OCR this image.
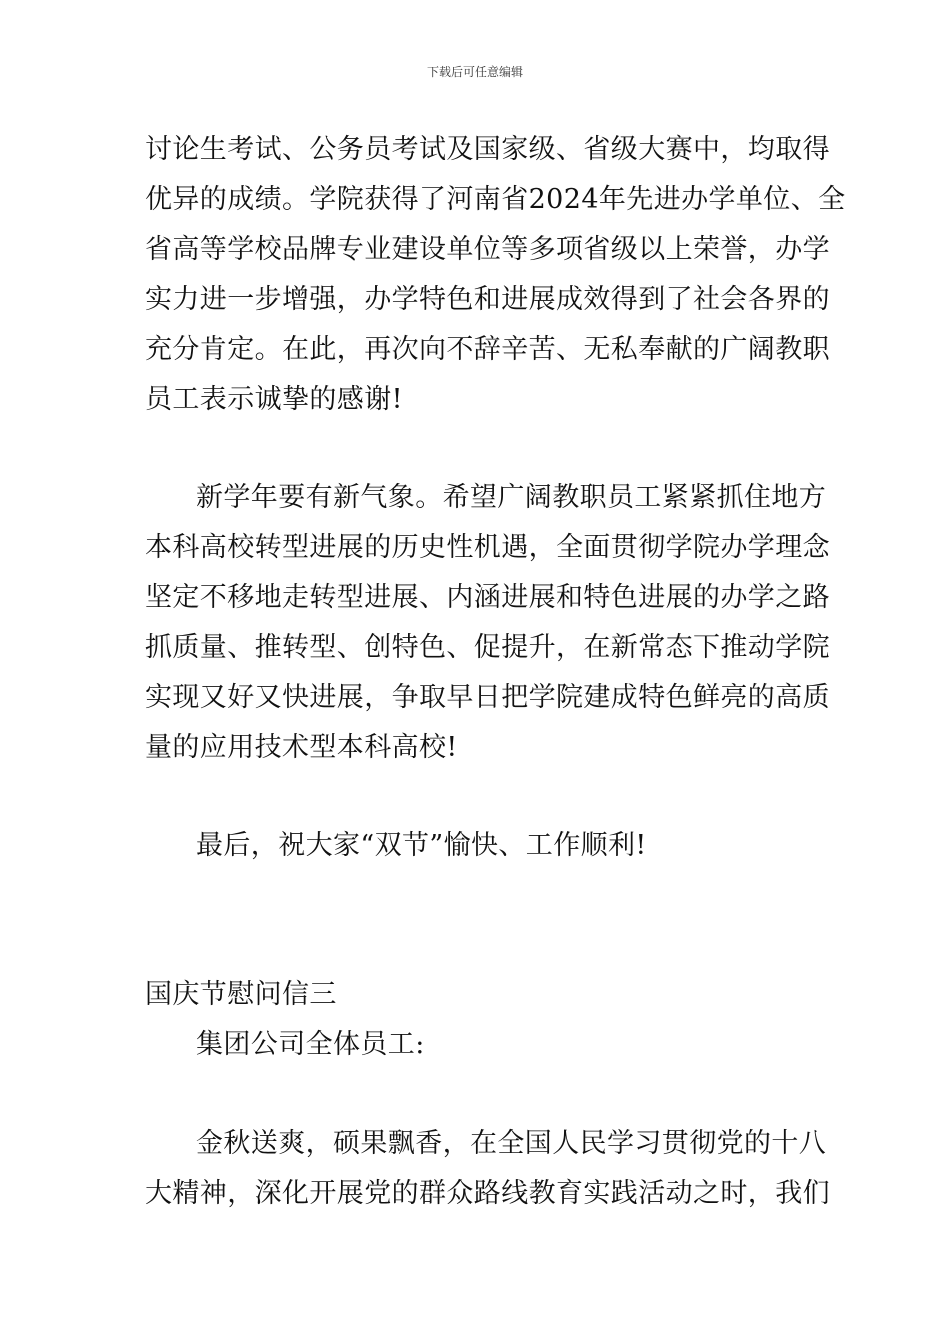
下载后可任意编辑
讨论生考试、公务员考试及国家级、省级大赛中，均取得
优异的成绩。学院获得了河南省2024年先进办学单位、全
省高等学校品牌专业建设单位等多项省级以上荣誉，办学
实力进一步增强，办学特色和进展成效得到了社会各界的
充分肯定。在此，再次向不辞辛苦、无私奉献的广阔教职
员工表示诚挚的感谢!
新学年要有新气象。希望广阔教职员工紧紧抓住地方
本科高校转型进展的历史性机遇，全面贯彻学院办学理念
坚定不移地走转型进展、内涵进展和特色进展的办学之路
抓质量、推转型、创特色、促提升，在新常态下推动学院
实现又好又快进展，争取早日把学院建成特色鲜亮的高质
量的应用技术型本科高校!
最后，祝大家“双节”愉快、工作顺利!
国庆节慰问信三
集团公司全体员工:
金秋送爽，硕果飘香，在全国人民学习贯彻党的十八
大精神，深化开展党的群众路线教育实践活动之时，我们
